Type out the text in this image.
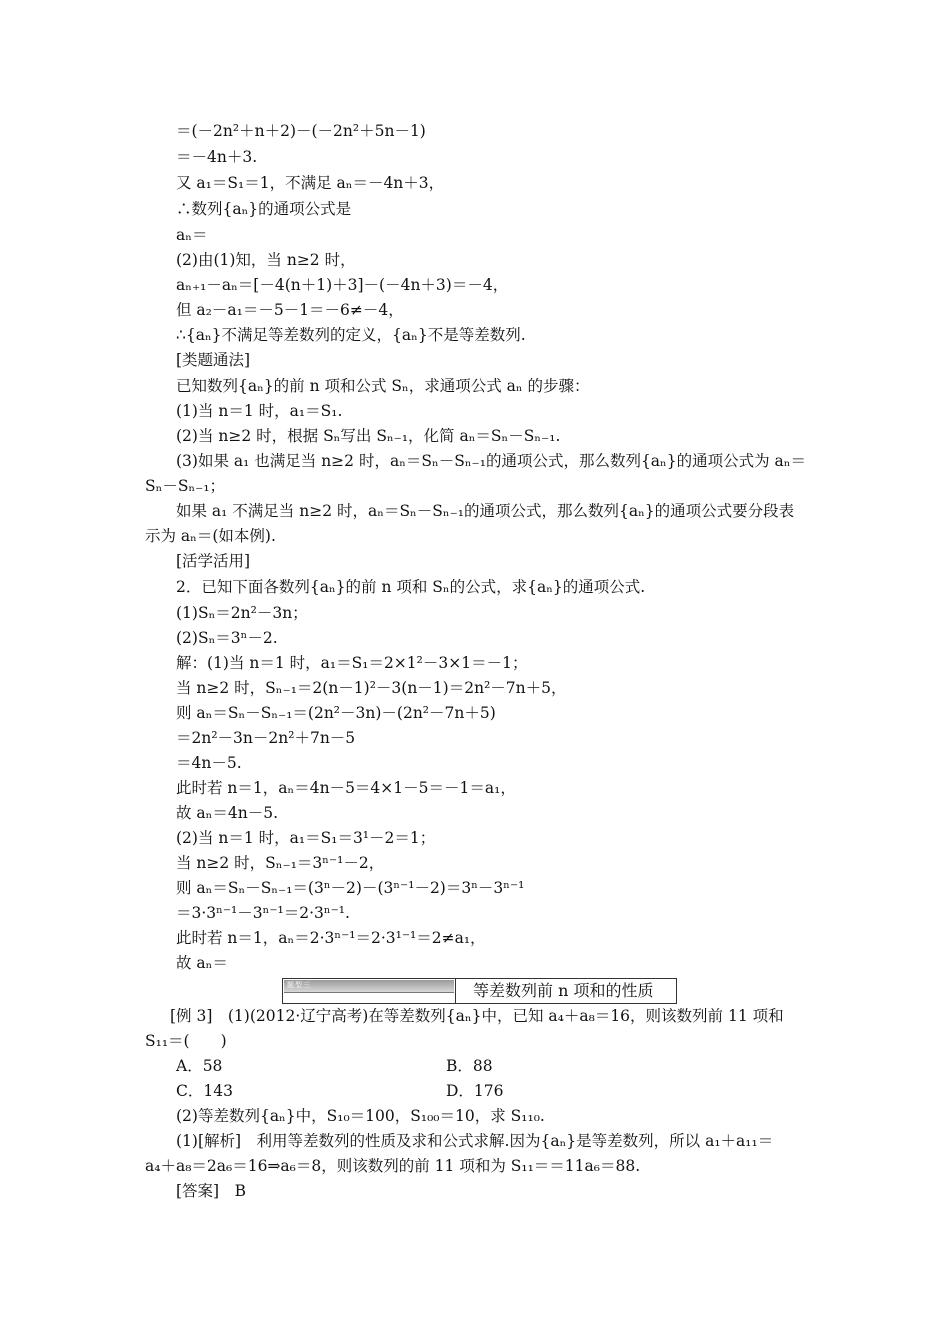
＝(－2n²＋n＋2)－(－2n²＋5n－1)
＝－4n＋3.
又 a₁＝S₁＝1，不满足 aₙ＝－4n＋3，
∴数列{aₙ}的通项公式是
aₙ＝
(2)由(1)知，当 n≥2 时，
aₙ₊₁－aₙ＝[－4(n＋1)＋3]－(－4n＋3)＝－4，
但 a₂－a₁＝－5－1＝－6≠－4，
∴{aₙ}不满足等差数列的定义，{aₙ}不是等差数列.
[类题通法]
已知数列{aₙ}的前 n 项和公式 Sₙ，求通项公式 aₙ 的步骤：
(1)当 n＝1 时，a₁＝S₁.
(2)当 n≥2 时，根据 Sₙ写出 Sₙ₋₁，化简 aₙ＝Sₙ－Sₙ₋₁.
(3)如果 a₁ 也满足当 n≥2 时，aₙ＝Sₙ－Sₙ₋₁的通项公式，那么数列{aₙ}的通项公式为 aₙ＝
Sₙ－Sₙ₋₁；
如果 a₁ 不满足当 n≥2 时，aₙ＝Sₙ－Sₙ₋₁的通项公式，那么数列{aₙ}的通项公式要分段表
示为 aₙ＝(如本例).
[活学活用]
2．已知下面各数列{aₙ}的前 n 项和 Sₙ的公式，求{aₙ}的通项公式.
(1)Sₙ＝2n²－3n；
(2)Sₙ＝3ⁿ－2.
解：(1)当 n＝1 时，a₁＝S₁＝2×1²－3×1＝－1；
当 n≥2 时，Sₙ₋₁＝2(n－1)²－3(n－1)＝2n²－7n＋5，
则 aₙ＝Sₙ－Sₙ₋₁＝(2n²－3n)－(2n²－7n＋5)
＝2n²－3n－2n²＋7n－5
＝4n－5.
此时若 n＝1，aₙ＝4n－5＝4×1－5＝－1＝a₁，
故 aₙ＝4n－5.
(2)当 n＝1 时，a₁＝S₁＝3¹－2＝1；
当 n≥2 时，Sₙ₋₁＝3ⁿ⁻¹－2，
则 aₙ＝Sₙ－Sₙ₋₁＝(3ⁿ－2)－(3ⁿ⁻¹－2)＝3ⁿ－3ⁿ⁻¹
＝3·3ⁿ⁻¹－3ⁿ⁻¹＝2·3ⁿ⁻¹.
此时若 n＝1，aₙ＝2·3ⁿ⁻¹＝2·3¹⁻¹＝2≠a₁，
故 aₙ＝
题型三	等差数列前 n 项和的性质
[例 3]　(1)(2012·辽宁高考)在等差数列{aₙ}中，已知 a₄＋a₈＝16，则该数列前 11 项和
S₁₁＝(　　)
A．58	B．88
C．143	D．176
(2)等差数列{aₙ}中，S₁₀＝100，S₁₀₀＝10，求 S₁₁₀.
(1)[解析]　利用等差数列的性质及求和公式求解.因为{aₙ}是等差数列，所以 a₁＋a₁₁＝
a₄＋a₈＝2a₆＝16⇒a₆＝8，则该数列的前 11 项和为 S₁₁＝＝11a₆＝88.
[答案]　B
